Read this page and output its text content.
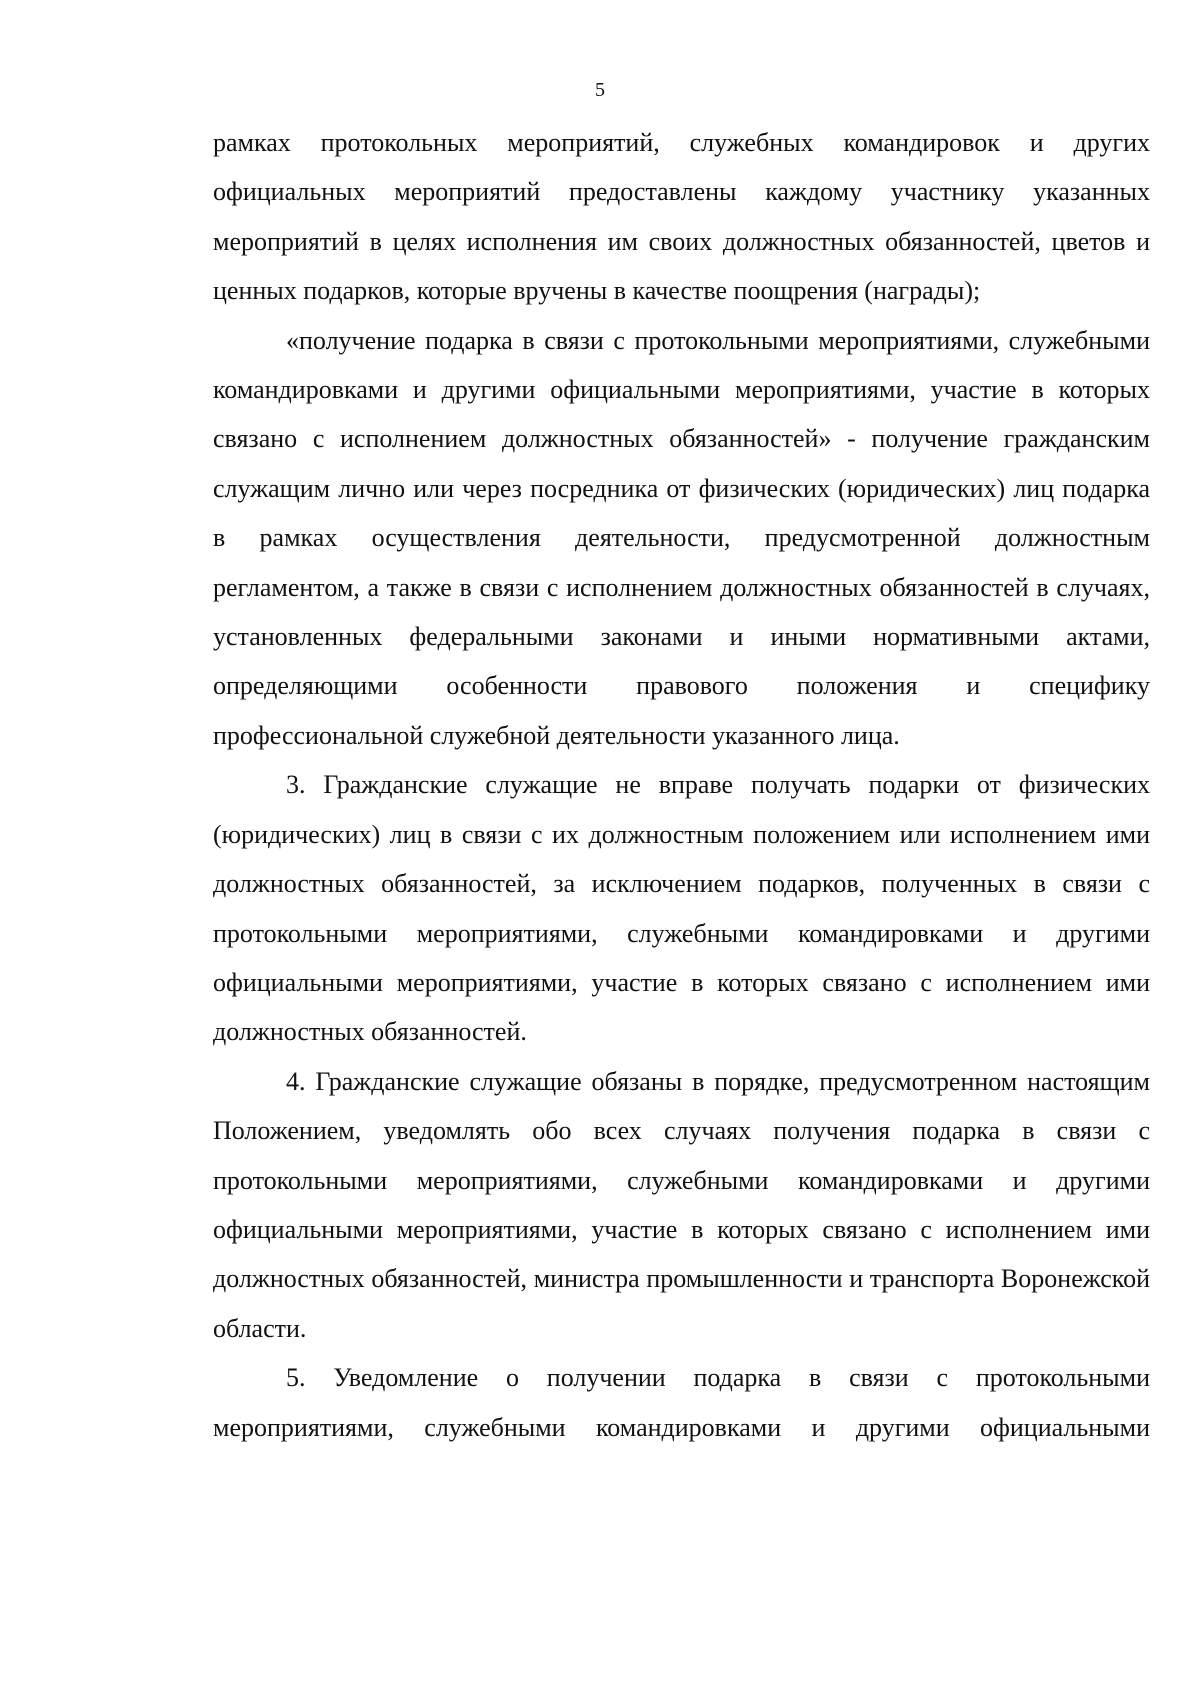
5

рамках протокольных мероприятий, служебных командировок и других официальных мероприятий предоставлены каждому участнику указанных мероприятий в целях исполнения им своих должностных обязанностей, цветов и ценных подарков, которые вручены в качестве поощрения (награды);

«получение подарка в связи с протокольными мероприятиями, служебными командировками и другими официальными мероприятиями, участие в которых связано с исполнением должностных обязанностей» - получение гражданским служащим лично или через посредника от физических (юридических) лиц подарка в рамках осуществления деятельности, предусмотренной должностным регламентом, а также в связи с исполнением должностных обязанностей в случаях, установленных федеральными законами и иными нормативными актами, определяющими особенности правового положения и специфику профессиональной служебной деятельности указанного лица.

3. Гражданские служащие не вправе получать подарки от физических (юридических) лиц в связи с их должностным положением или исполнением ими должностных обязанностей, за исключением подарков, полученных в связи с протокольными мероприятиями, служебными командировками и другими официальными мероприятиями, участие в которых связано с исполнением ими должностных обязанностей.

4. Гражданские служащие обязаны в порядке, предусмотренном настоящим Положением, уведомлять обо всех случаях получения подарка в связи с протокольными мероприятиями, служебными командировками и другими официальными мероприятиями, участие в которых связано с исполнением ими должностных обязанностей, министра промышленности и транспорта Воронежской области.

5. Уведомление о получении подарка в связи с протокольными мероприятиями, служебными командировками и другими официальными
